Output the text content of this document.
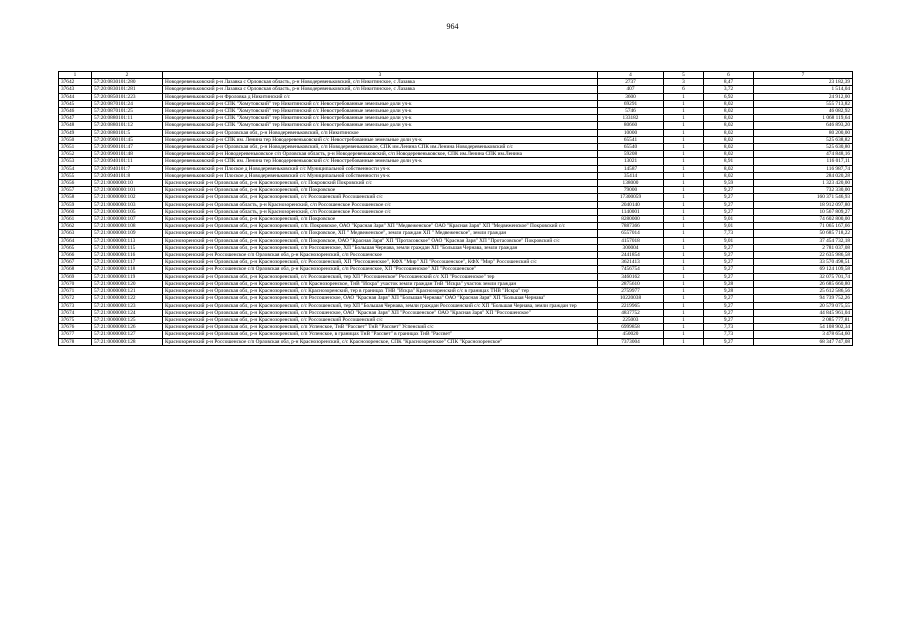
964
1	2	3	4	5	6	7
37642	57:20:0830101:280	Новодеревеньковский р-н Лазавка с Орловская область, р-н Новодеревеньковский, с/п Никитинское, с Лазавка	2737	3	8,47	23 182,39
37643	57:20:0830101:281	Новодеревеньковский р-н Лазавка с Орловская область, р-н Новодеревеньковский, с/п Никитинское, с Лазавка	407	6	3,72	1 514,04
37644	57:20:0850101:223	Новодеревеньковский р-н Фроловка д Никитинский с/с	3600	1	6,92	24 912,00
37645	57:20:0870101:24	Новодеревеньковский р-н СПК "Хомутовский" тер Никитинский с/с Невостребованные земельные доли уч-к	69291	1	8,02	555 713,82
37646	57:20:0870101:25	Новодеревеньковский р-н СПК "Хомутовский" тер Никитинский с/с Невостребованные земельные доли уч-к	5746	1	8,02	46 082,92
37647	57:20:0880101:11	Новодеревеньковский р-н СПК "Хомутовский" тер Никитинский с/с Невостребованные земельные доли уч-к	133182	1	8,02	1 068 119,64
37648	57:20:0880101:12	Новодеревеньковский р-н СПК "Хомутовский" тер Никитинский с/с Невостребованные земельные доли уч-к	80660	1	8,02	646 893,20
37649	57:20:0880101:5	Новодеревеньковский р-н Орловская обл, р-н Новодеревеньковский, с/п Никитинское	10000	1	8,02	80 200,00
37650	57:20:0900101:45	Новодеревеньковский р-н СПК им. Ленина тер Новодеревеньковский с/с Невостребованные земельные доли уч-к	65541	1	8,02	525 638,82
37651	57:20:0900101:47	Новодеревеньковский р-н Орловская обл, р-н Новодеревеньковский, с/п Новодеревеньковское, СПК им.Ленина СПК им.Ленина Новодеревеньковский с/с	65540	1	8,02	525 630,80
37652	57:20:0900101:48	Новодеревеньковский р-н Новодеревеньковское с/п Орловская область, р-н Новодеревеньковский, с/п Новодеревеньковское, СПК им.Ленина СПК им.Ленина	59208	1	8,02	474 848,16
37653	57:20:0940101:11	Новодеревеньковский р-н СПК им. Ленина тер Новодеревеньковский с/с Невостребованные земельные доли уч-к	13021	1	8,91	116 017,11
37654	57:20:0940101:7	Новодеревеньковский р-н Плоское д Новодеревеньковский с/с Муниципальной собственности уч-к	14587	1	8,02	116 987,74
37655	57:20:0940101:8	Новодеревеньковский р-н Плоское д Новодеревеньковский с/с Муниципальной собственности уч-к	35414	1	8,02	284 020,28
37656	57:21:0000000:10	Краснозоренский р-н Орловская обл, р-н Краснозоренский, с/с Покровский Покровский с/с	138000	1	9,59	1 323 420,00
37657	57:21:0000000:101	Краснозоренский р-н Орловская обл, р-н Краснозоренский, с/п Покровское	79000	1	9,27	732 330,00
37658	57:21:0000000:102	Краснозоренский р-н Орловская обл, р-н Краснозоренский, с/с Россошенский Россошенский с/с	17300059	1	9,27	160 371 546,93
37659	57:21:0000000:103	Краснозоренский р-н Орловская область, р-н Краснозоренский, с/п Россошенское Россошенское с/с	2040140	1	9,27	18 912 097,80
37660	57:21:0000000:105	Краснозоренский р-н Орловская область, р-н Краснозоренский, с/п Россошенское Россошенское с/с	1140001	1	9,27	10 567 809,27
37661	57:21:0000000:107	Краснозоренский р-н Орловская обл, р-н Краснозоренский, с/п Покровское	8280000	1	9,01	74 602 800,00
37662	57:21:0000000:108	Краснозоренский р-н Орловская обл, р-н Краснозоренский, с/п. Покровское, ОАО "Красная Заря" ХП "Медвеженское" ОАО "Красная Заря" ХП "Медвеженское" Покровский с/с	7887366	1	9,01	71 065 167,66
37663	57:21:0000000:109	Краснозоренский р-н Орловская обл, р-н Краснозоренский, с/п Покровское, ХП " Медвеженское", земли граждан ХП " Медвеженское", земли граждан	6557014	1	7,73	50 685 718,22
37664	57:21:0000000:113	Краснозоренский р-н Орловская обл, р-н Краснозоренский, с/п Покровское, ОАО "Красная Заря" ХП "Протасовское" ОАО "Красная Заря" ХП "Протасовское" Покровский с/с	4157018	1	9,01	37 454 732,18
37665	57:21:0000000:115	Краснозоренский р-н Орловская обл, р-н Краснозоренский, с/п Россошенское, ХП "Большая Чернава, земли граждан ХП "Большая Чернава, земли граждан	300004	1	9,27	2 781 037,08
37666	57:21:0000000:116	Краснозоренский р-н Россошенское с/п Орловская обл, р-н Краснозоренский, с/п Россошенское	2441854	1	9,27	22 635 986,58
37667	57:21:0000000:117	Краснозоренский р-н Орловская обл, р-н Краснозоренский, с/с Россошенский, ХП "Россошенское", КФХ "Мир" ХП "Россошенское", КФХ "Мир" Россошенский с/с	3621413	1	9,27	33 570 498,51
37668	57:21:0000000:118	Краснозоренский р-н Россошенское с/п Орловская обл, р-н Краснозоренский, с/п Россошенское, ХП "Россошенское" ХП "Россошенское"	7456754	1	9,27	69 124 109,58
37669	57:21:0000000:119	Краснозоренский р-н Орловская обл, р-н Краснозоренский, с/с Россошенский, тер ХП "Россошенское" Россошенский с/с ХП "Россошенское" тер	3460162	1	9,27	32 075 701,74
37670	57:21:0000000:120	Краснозоренский р-н Орловская обл, р-н Краснозоренский, с/п Краснозоренское, ТнВ "Искра" участок земли граждан ТнВ "Искра" участок земли граждан	2875610	1	9,28	26 685 660,80
37671	57:21:0000000:121	Краснозоренский р-н Орловская обл, р-н Краснозоренский, с/с Краснозоренский, тер в границах ТНВ "Искра" Краснозоренский с/с в границах ТНВ "Искра" тер	2759977	1	9,28	25 612 586,56
37672	57:21:0000000:122	Краснозоренский р-н Орловская обл, р-н Краснозоренский, с/п Россошенское, ОАО "Красная Заря" ХП "Большая Чернава" ОАО "Красная Заря" ХП "Большая Чернава"	10220038	1	9,27	94 739 752,26
37673	57:21:0000000:123	Краснозоренский р-н Орловская обл, р-н Краснозоренский, с/с Россошенский, тер ХП "Большая Чернава, земли граждан Россошенский с/с ХП "Большая Чернава, земли граждан тер	2219965	1	9,27	20 579 075,55
37674	57:21:0000000:124	Краснозоренский р-н Орловская обл, р-н Краснозоренский, с/п Россошенское, ОАО "Красная Заря" ХП "Россошенское" ОАО "Красная Заря" ХП "Россошенское"	4837752	1	9,27	44 845 961,04
37675	57:21:0000000:125	Краснозоренский р-н Орловская обл, р-н Краснозоренский, с/с Россошенский Россошенский с/с	225003	1	9,27	2 085 777,81
37676	57:21:0000000:126	Краснозоренский р-н Орловская обл, р-н Краснозоренский, с/п Успенское, ТнВ "Рассвет" ТнВ "Рассвет" Успенский с/с	6999858	1	7,73	54 108 902,34
37677	57:21:0000000:127	Краснозоренский р-н Орловская обл, р-н Краснозоренский, с/п Успенское, в границах ТнВ "Рассвет" в границах ТнВ "Рассвет"	450020	1	7,73	3 478 654,60
37678	57:21:0000000:128	Краснозоренский р-н Россошенское с/п Орловская обл, р-н Краснозоренский, с/с Краснозоренское, СПК "Краснозоренское" СПК "Краснозоренское"	7373004	1	9,27	68 347 747,08
